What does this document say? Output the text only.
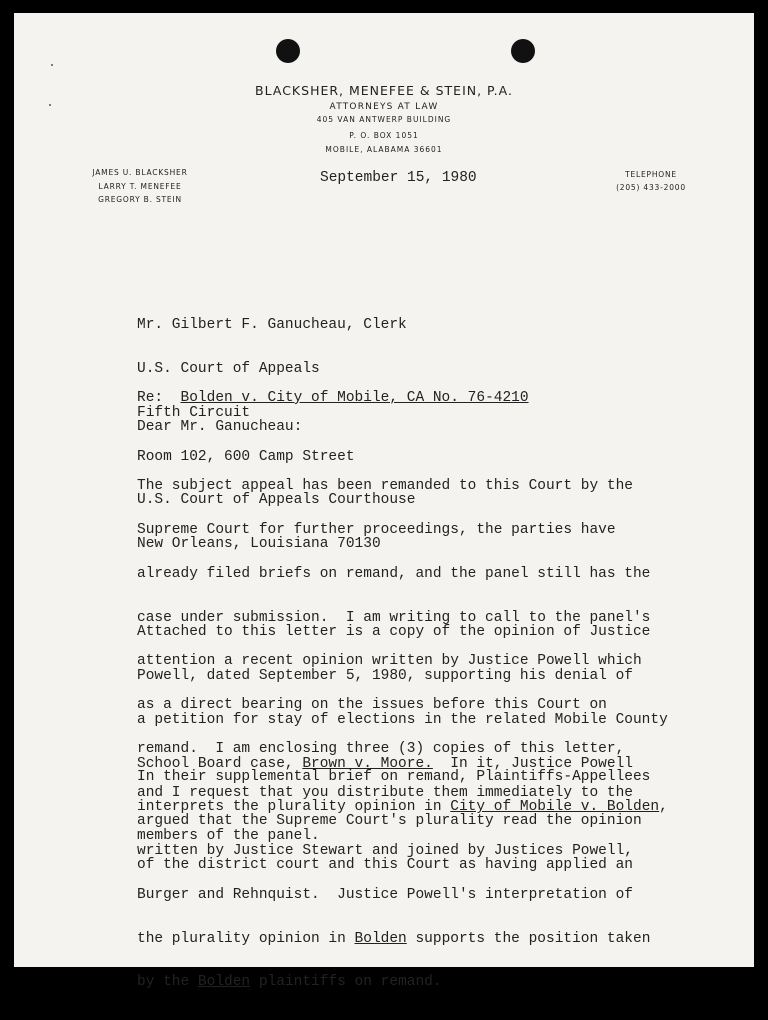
BLACKSHER, MENEFEE & STEIN, P.A.
ATTORNEYS AT LAW
405 VAN ANTWERP BUILDING
P. O. BOX 1051
MOBILE, ALABAMA 36601
JAMES U. BLACKSHER
LARRY T. MENEFEE
GREGORY B. STEIN
TELEPHONE
(205) 433-2000
September 15, 1980

Mr. Gilbert F. Ganucheau, Clerk

U.S. Court of Appeals

Fifth Circuit

Room 102, 600 Camp Street

U.S. Court of Appeals Courthouse

New Orleans, Louisiana 70130

Re: Bolden v. City of Mobile, CA No. 76-4210
Dear Mr. Ganucheau:

The subject appeal has been remanded to this Court by the

Supreme Court for further proceedings, the parties have

already filed briefs on remand, and the panel still has the

case under submission.  I am writing to call to the panel's

attention a recent opinion written by Justice Powell which

as a direct bearing on the issues before this Court on

remand.  I am enclosing three (3) copies of this letter,

and I request that you distribute them immediately to the

members of the panel.

Attached to this letter is a copy of the opinion of Justice

Powell, dated September 5, 1980, supporting his denial of

a petition for stay of elections in the related Mobile County

School Board case, Brown v. Moore.  In it, Justice Powell

interprets the plurality opinion in City of Mobile v. Bolden,

written by Justice Stewart and joined by Justices Powell,

Burger and Rehnquist.  Justice Powell's interpretation of

the plurality opinion in Bolden supports the position taken

by the Bolden plaintiffs on remand.

In their supplemental brief on remand, Plaintiffs-Appellees

argued that the Supreme Court's plurality read the opinion

of the district court and this Court as having applied an
